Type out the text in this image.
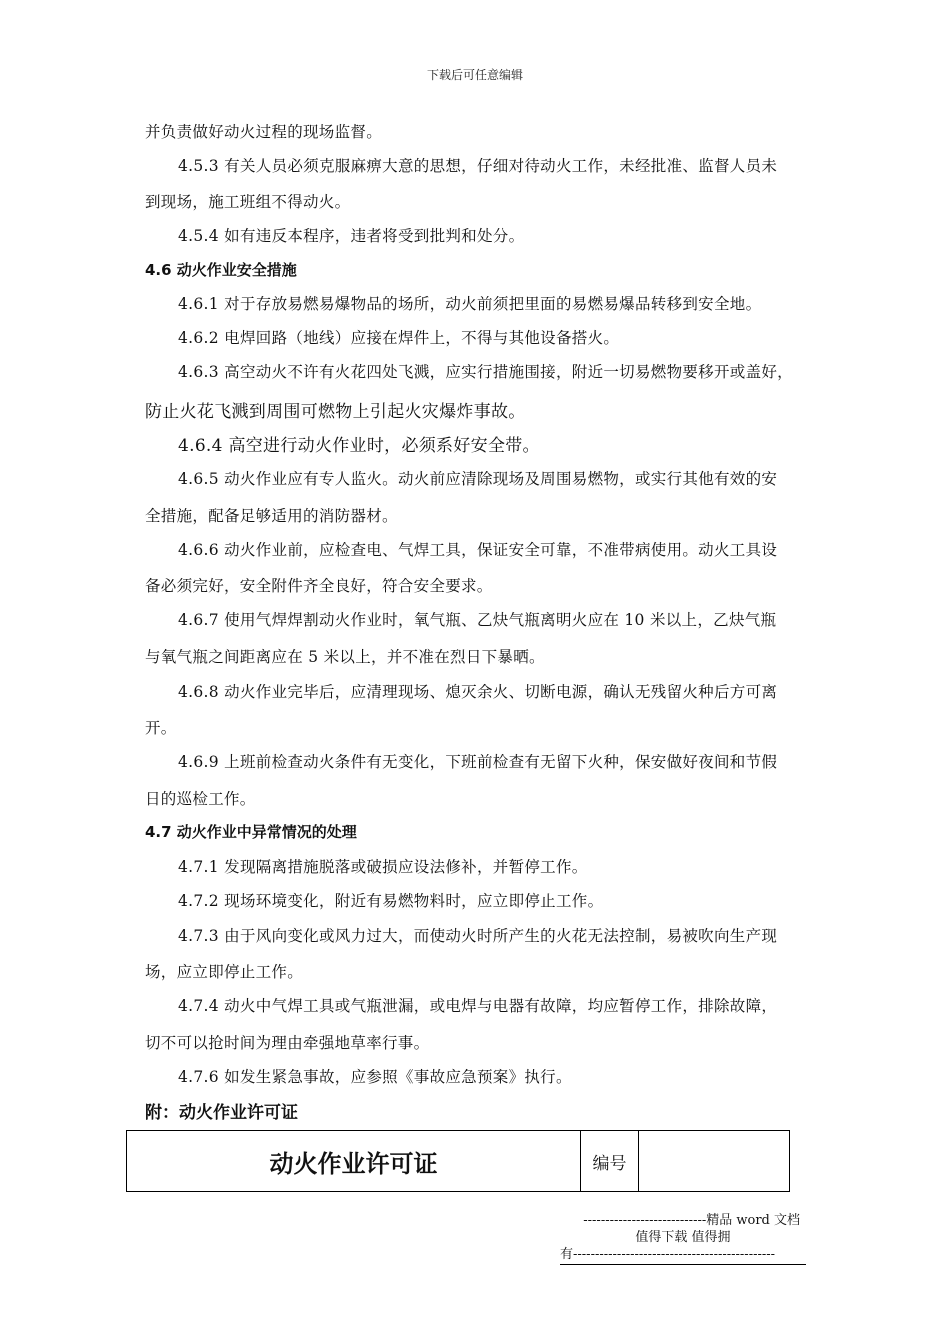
下载后可任意编辑
并负责做好动火过程的现场监督。
4.5.3 有关人员必须克服麻痹大意的思想，仔细对待动火工作，未经批准、监督人员未
到现场，施工班组不得动火。
4.5.4 如有违反本程序，违者将受到批判和处分。
4.6 动火作业安全措施
4.6.1 对于存放易燃易爆物品的场所，动火前须把里面的易燃易爆品转移到安全地。
4.6.2 电焊回路（地线）应接在焊件上，不得与其他设备搭火。
4.6.3 高空动火不许有火花四处飞溅，应实行措施围接，附近一切易燃物要移开或盖好，
防止火花飞溅到周围可燃物上引起火灾爆炸事故。
4.6.4 高空进行动火作业时，必须系好安全带。
4.6.5 动火作业应有专人监火。动火前应清除现场及周围易燃物，或实行其他有效的安
全措施，配备足够适用的消防器材。
4.6.6 动火作业前，应检查电、气焊工具，保证安全可靠，不准带病使用。动火工具设
备必须完好，安全附件齐全良好，符合安全要求。
4.6.7 使用气焊焊割动火作业时，氧气瓶、乙炔气瓶离明火应在 10 米以上，乙炔气瓶
与氧气瓶之间距离应在 5 米以上，并不准在烈日下暴晒。
4.6.8 动火作业完毕后，应清理现场、熄灭余火、切断电源，确认无残留火种后方可离
开。
4.6.9 上班前检查动火条件有无变化，下班前检查有无留下火种，保安做好夜间和节假
日的巡检工作。
4.7 动火作业中异常情况的处理
4.7.1 发现隔离措施脱落或破损应设法修补，并暂停工作。
4.7.2 现场环境变化，附近有易燃物料时，应立即停止工作。
4.7.3 由于风向变化或风力过大，而使动火时所产生的火花无法控制，易被吹向生产现
场，应立即停止工作。
4.7.4 动火中气焊工具或气瓶泄漏，或电焊与电器有故障，均应暂停工作，排除故障，
切不可以抢时间为理由牵强地草率行事。
4.7.6 如发生紧急事故，应参照《事故应急预案》执行。
附：动火作业许可证
动火作业许可证	编号
----------------------------精品 word 文档
值得下载 值得拥
有----------------------------------------------
